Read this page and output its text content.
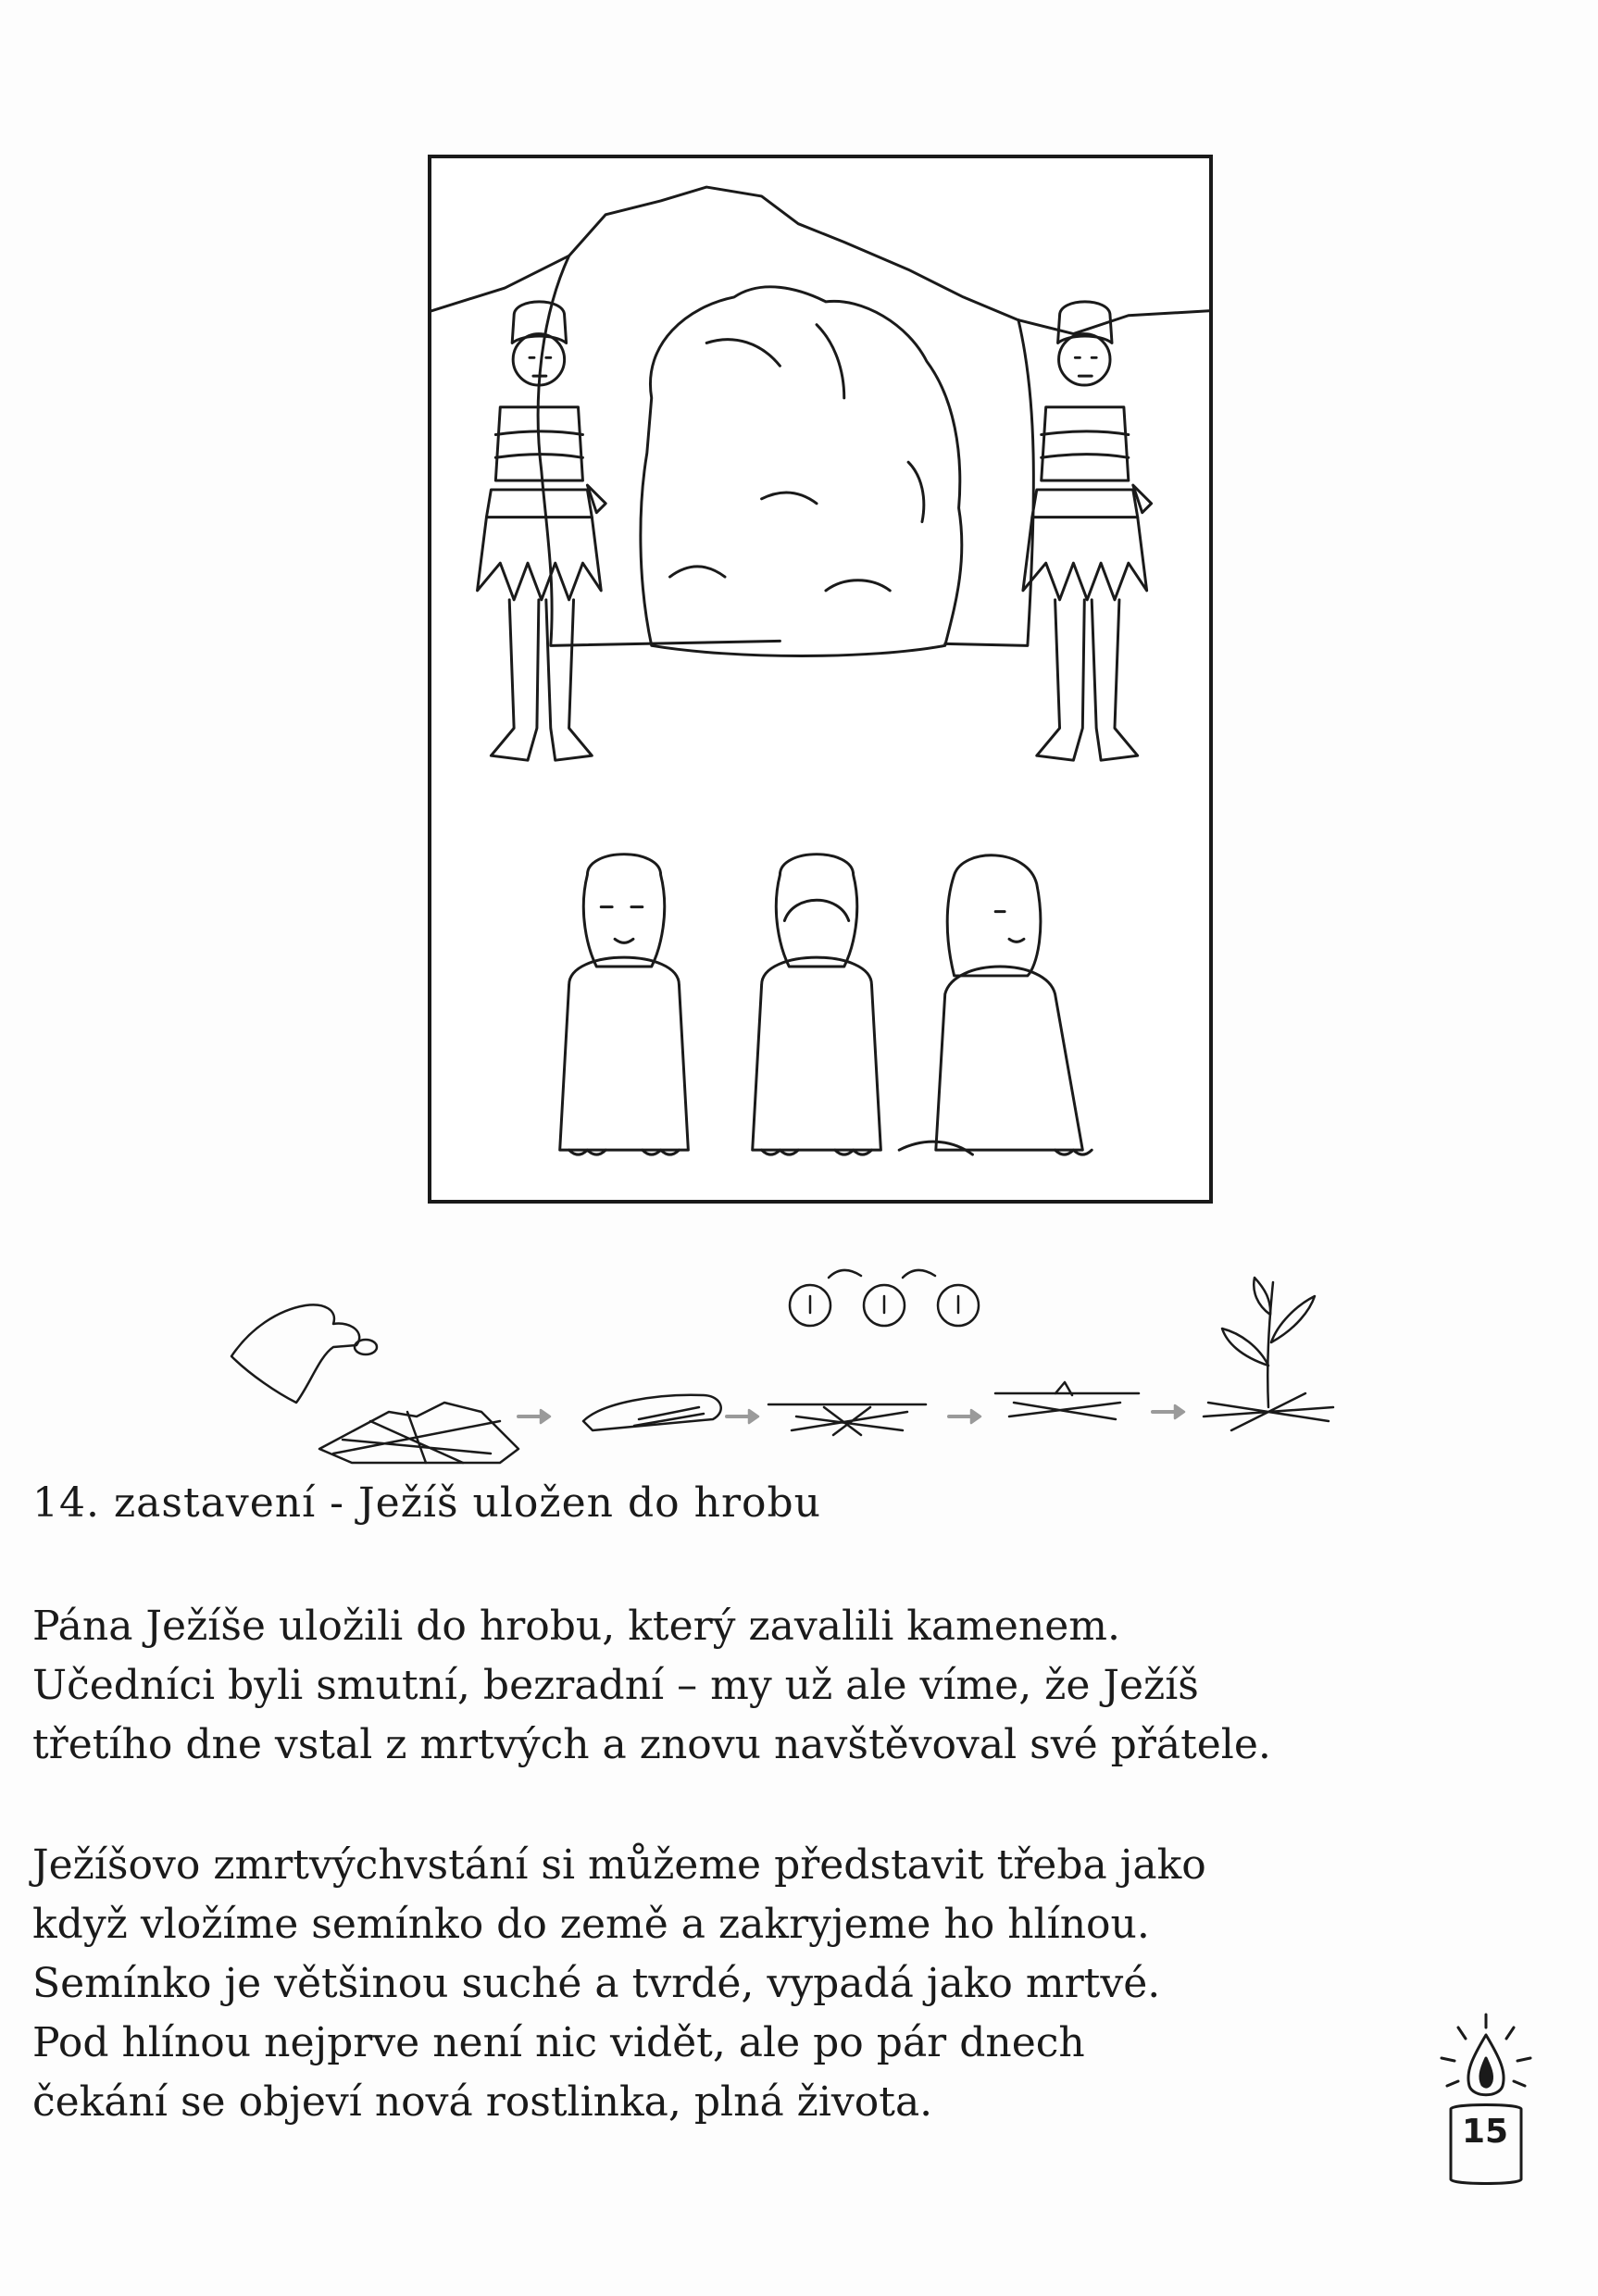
14. zastavení - Ježíš uložen do hrobu
Pána Ježíše uložili do hrobu, který zavalili kamenem.
Učedníci byli smutní, bezradní – my už ale víme, že Ježíš
třetího dne vstal z mrtvých a znovu navštěvoval své přátele.
Ježíšovo zmrtvýchvstání si můžeme představit třeba jako
když vložíme semínko do země a zakryjeme ho hlínou.
Semínko je většinou suché a tvrdé, vypadá jako mrtvé.
Pod hlínou nejprve není nic vidět, ale po pár dnech
čekání se objeví nová rostlinka, plná života.
15
